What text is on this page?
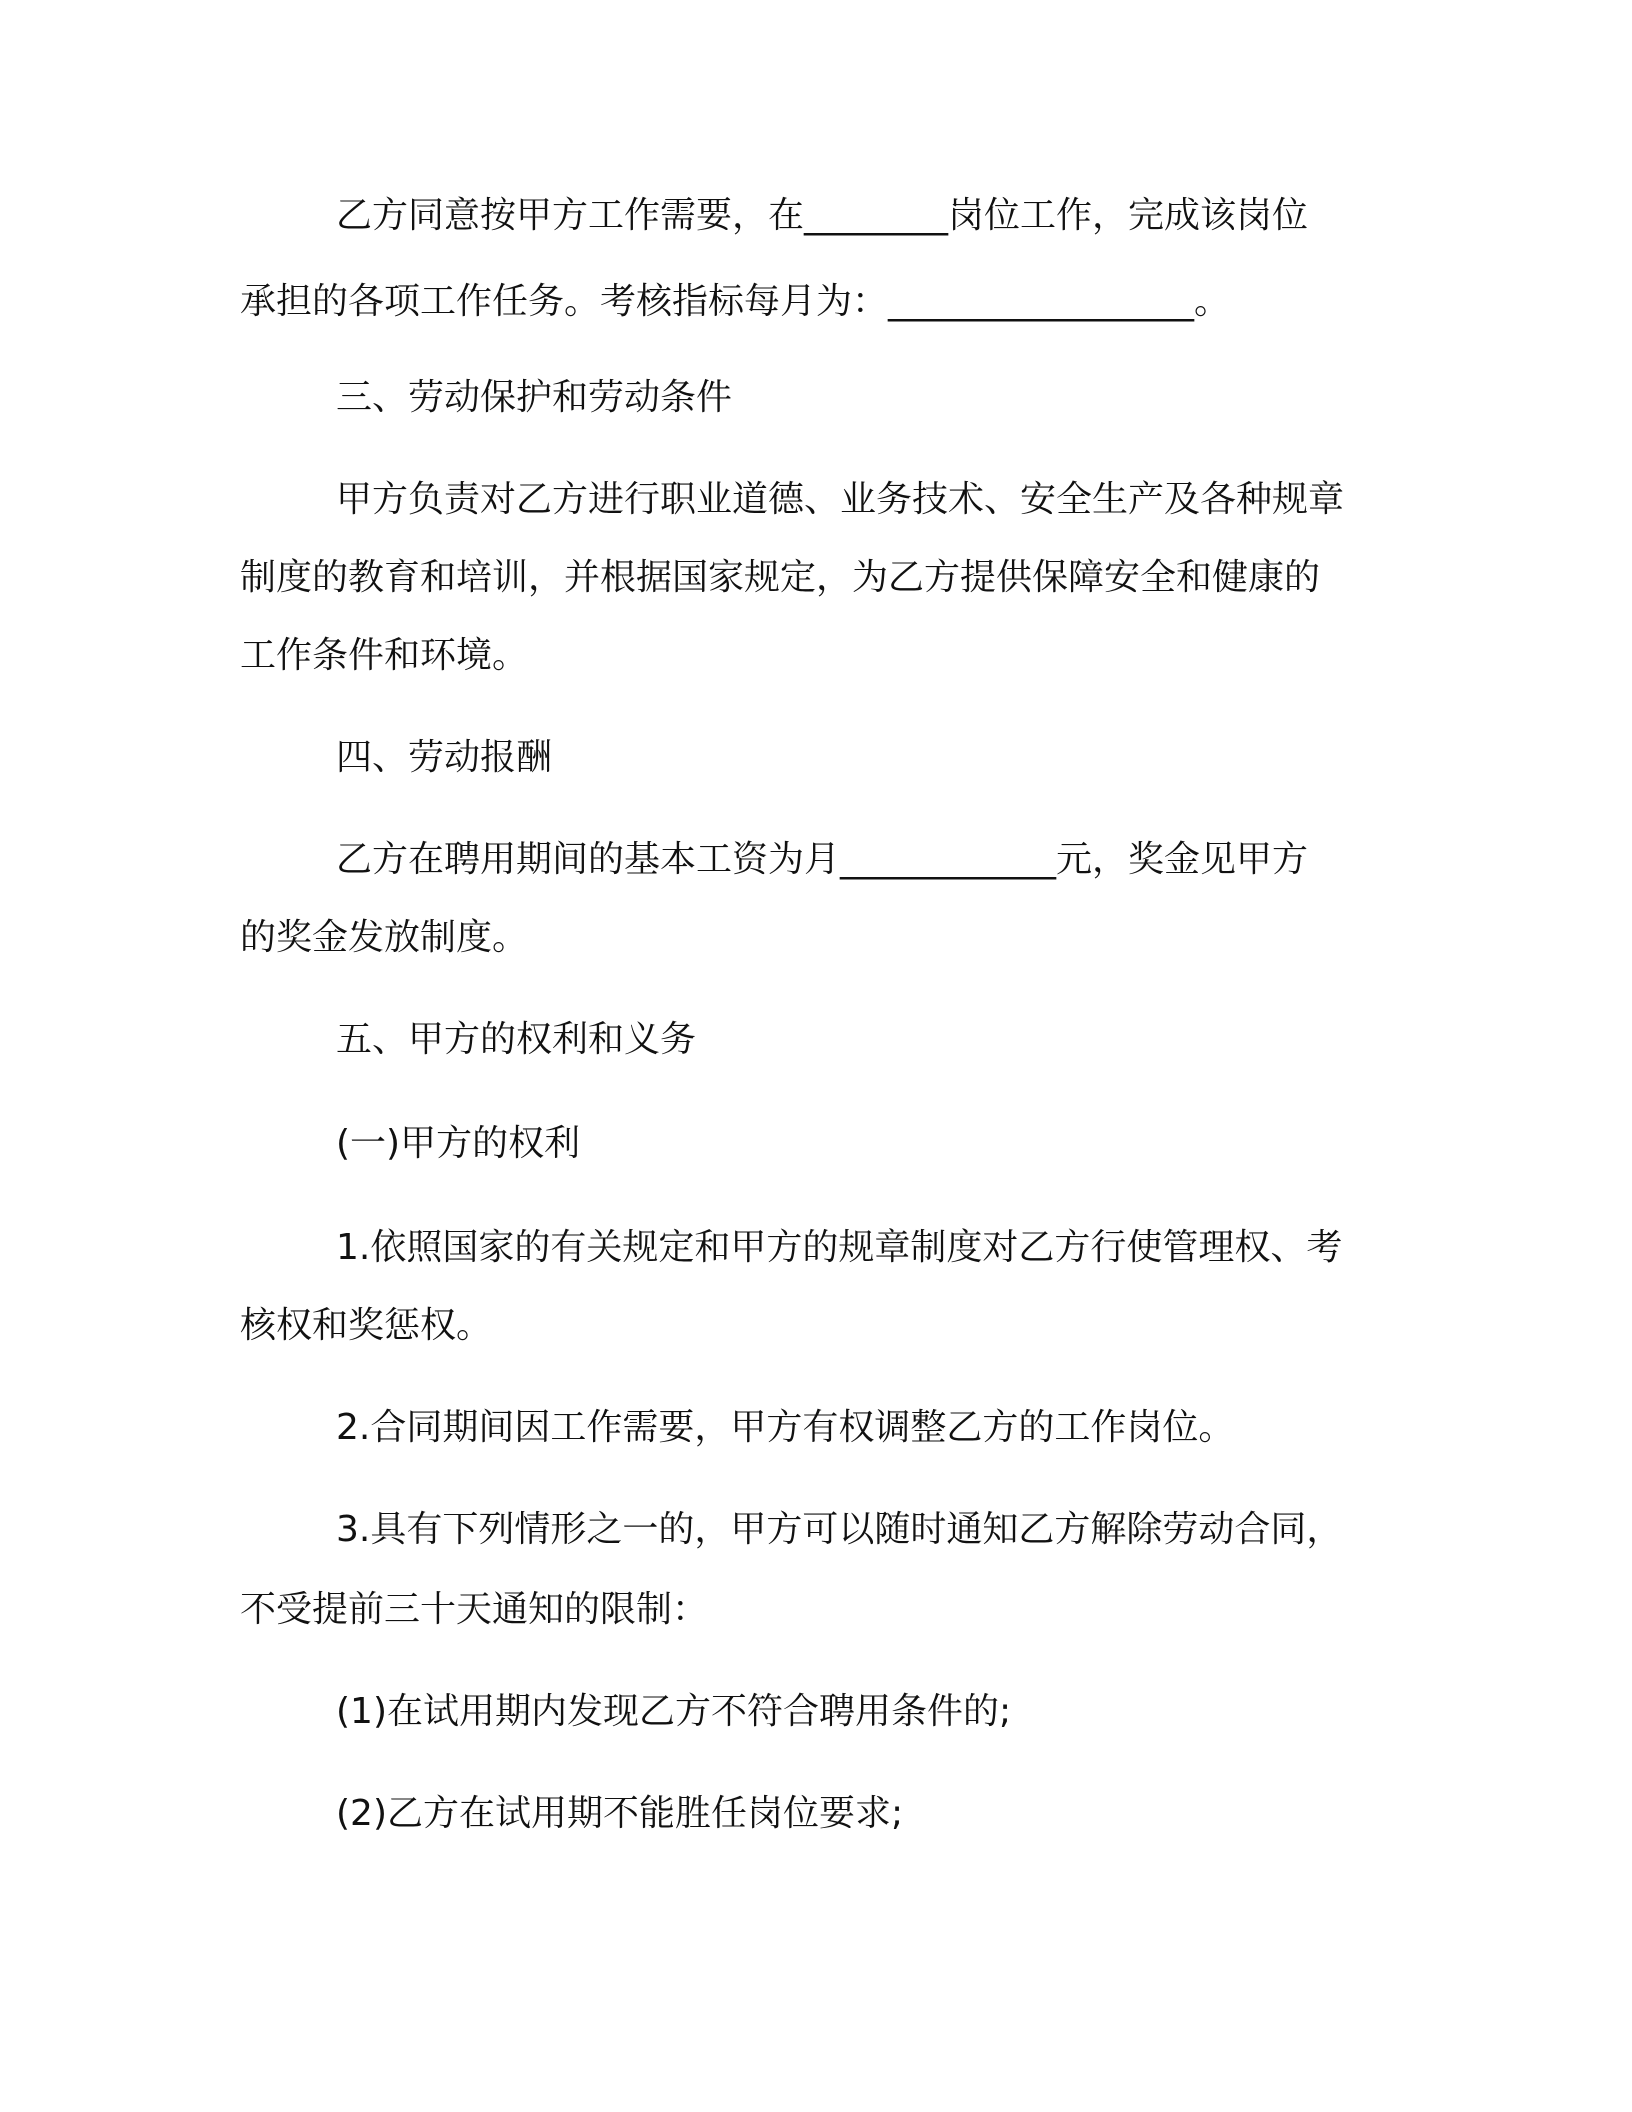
乙方同意按甲方工作需要，在________岗位工作，完成该岗位

承担的各项工作任务。考核指标每月为：_________________。

三、劳动保护和劳动条件

甲方负责对乙方进行职业道德、业务技术、安全生产及各种规章

制度的教育和培训，并根据国家规定，为乙方提供保障安全和健康的

工作条件和环境。

四、劳动报酬

乙方在聘用期间的基本工资为月____________元，奖金见甲方

的奖金发放制度。

五、甲方的权利和义务

(一)甲方的权利

1.依照国家的有关规定和甲方的规章制度对乙方行使管理权、考

核权和奖惩权。

2.合同期间因工作需要，甲方有权调整乙方的工作岗位。

3.具有下列情形之一的，甲方可以随时通知乙方解除劳动合同，

不受提前三十天通知的限制：

(1)在试用期内发现乙方不符合聘用条件的;

(2)乙方在试用期不能胜任岗位要求;
